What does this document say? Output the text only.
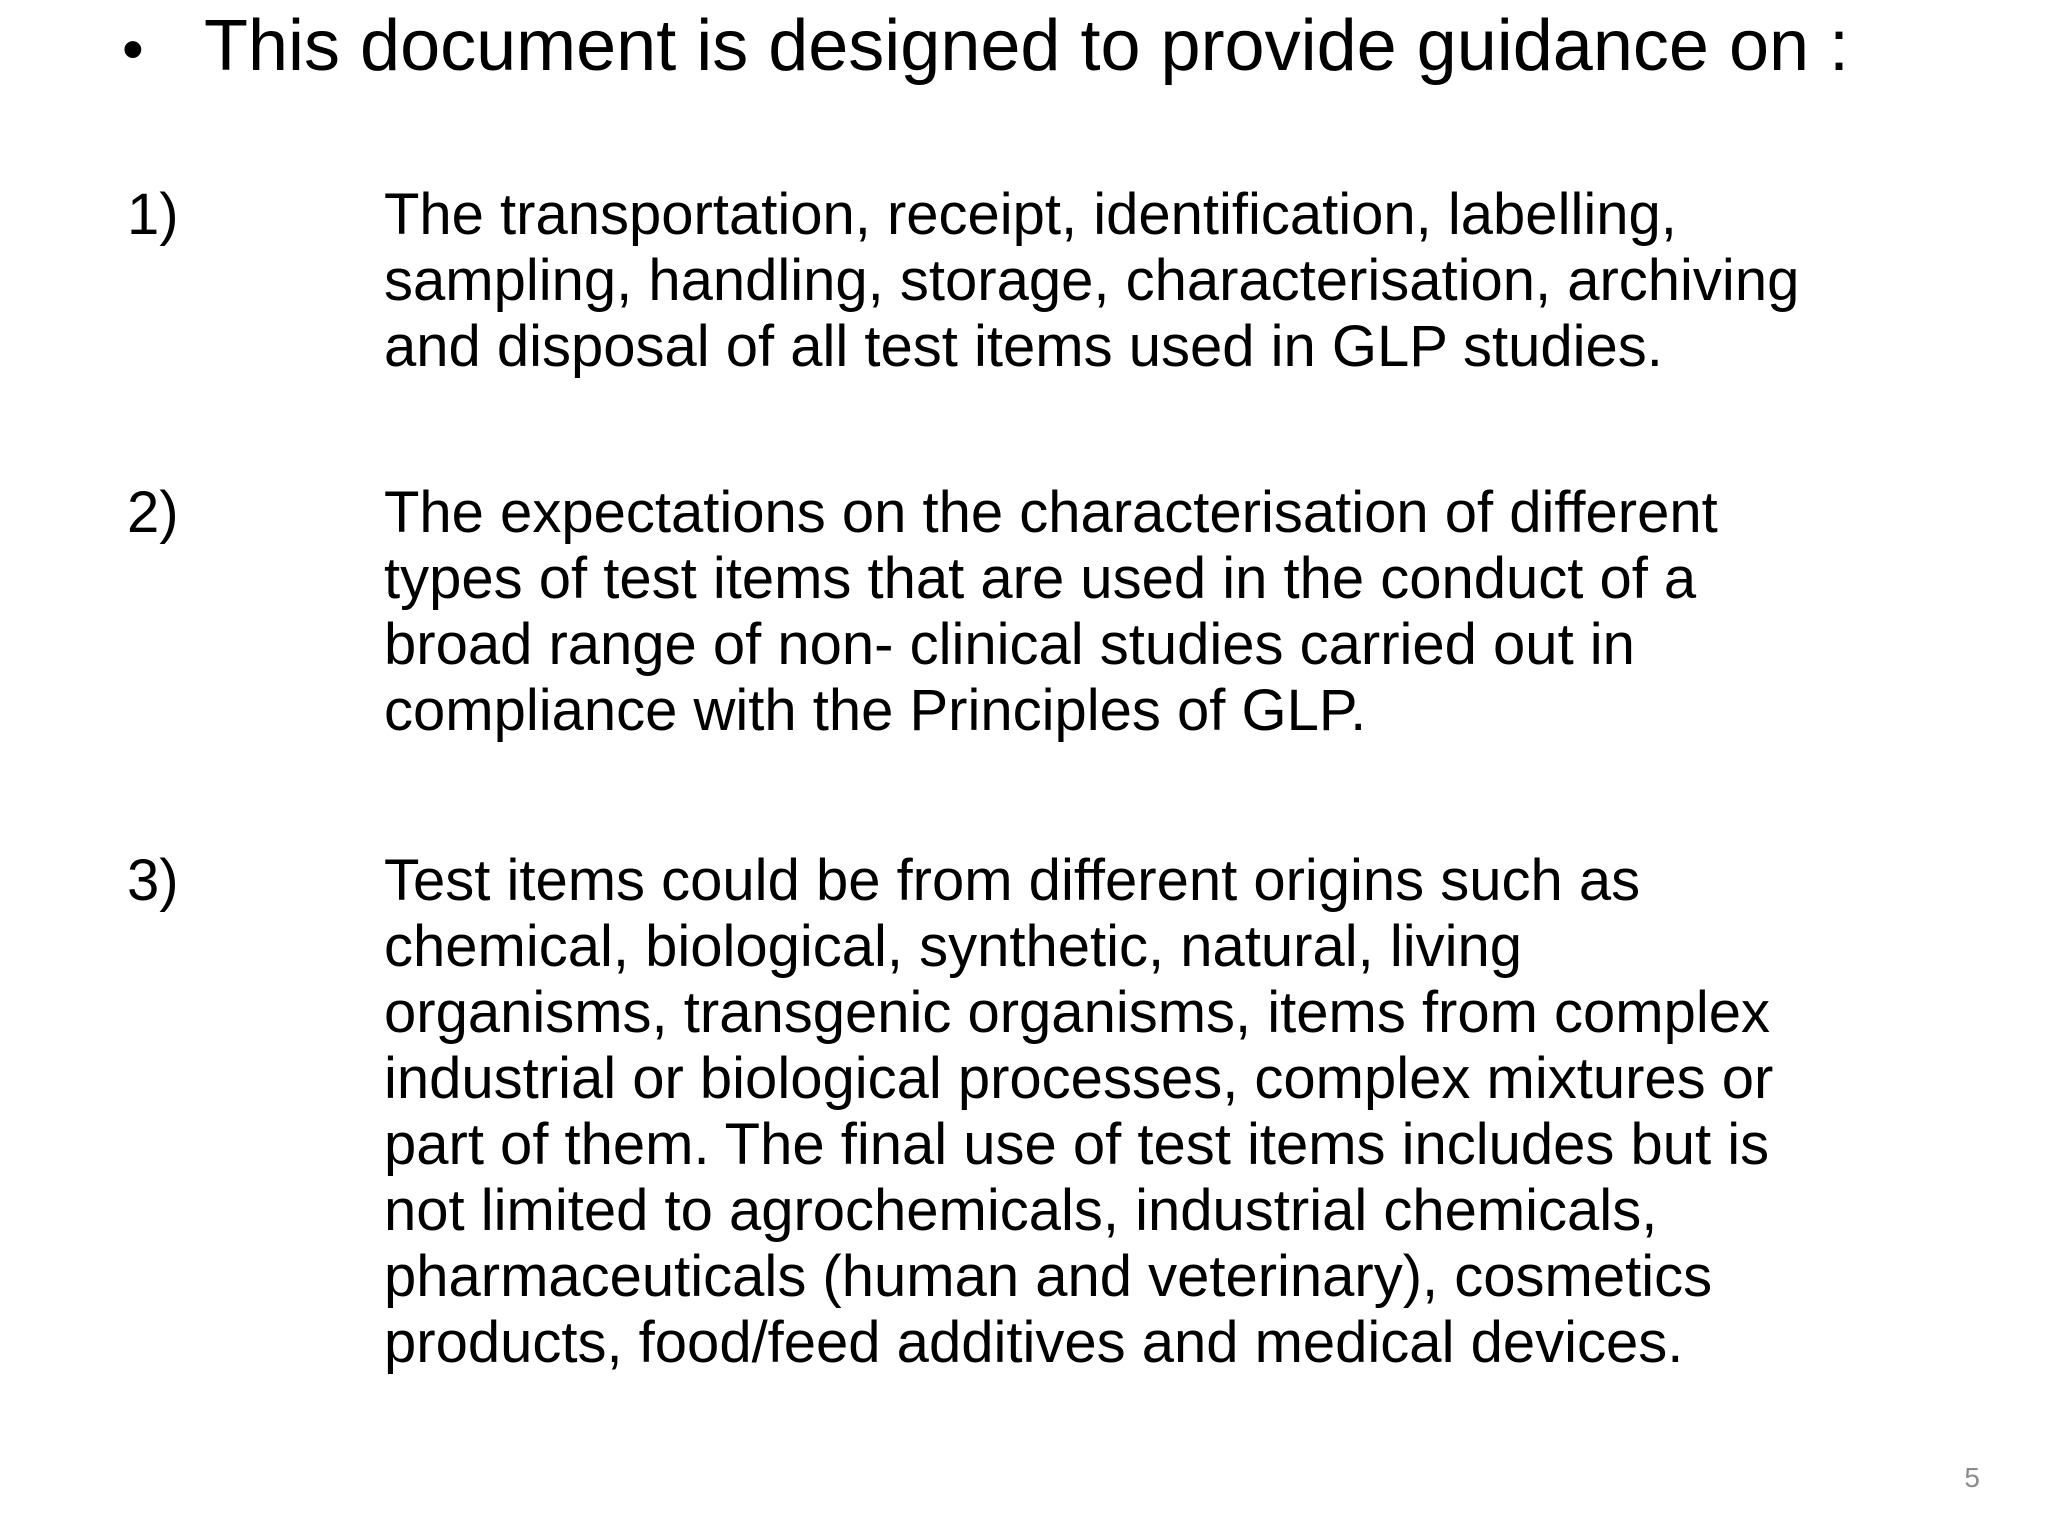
• This document is designed to provide guidance on :
1)	The transportation, receipt, identification, labelling,
sampling, handling, storage, characterisation, archiving
and disposal of all test items used in GLP studies.
2)	The expectations on the characterisation of different
types of test items that are used in the conduct of a
broad range of non- clinical studies carried out in
compliance with the Principles of GLP.
3)	Test items could be from different origins such as
chemical, biological, synthetic, natural, living
organisms, transgenic organisms, items from complex
industrial or biological processes, complex mixtures or
part of them. The final use of test items includes but is
not limited to agrochemicals, industrial chemicals,
pharmaceuticals (human and veterinary), cosmetics
products, food/feed additives and medical devices.
5
